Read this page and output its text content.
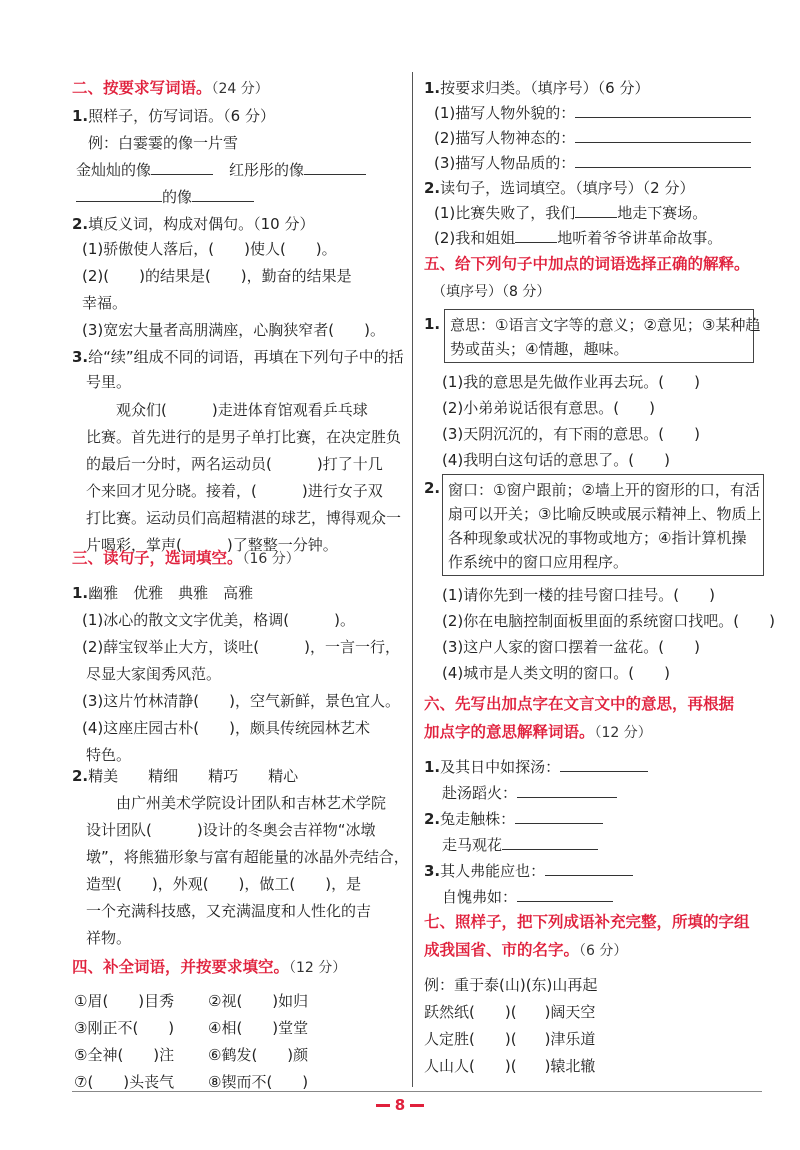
二、按要求写词语。（24 分）
1.照样子，仿写词语。（6 分）
例：白霎霎的像一片雪
金灿灿的像	红彤彤的像
的像
2.填反义词，构成对偶句。（10 分）
(1)骄傲使人落后，(　　)使人(　　)。
(2)(　　)的结果是(　　)，勤奋的结果是
幸福。
(3)宽宏大量者高朋满座，心胸狭窄者(　　)。
3.给“续”组成不同的词语，再填在下列句子中的括
号里。
观众们(　　　)走进体育馆观看乒乓球
比赛。首先进行的是男子单打比赛，在决定胜负
的最后一分时，两名运动员(　　　)打了十几
个来回才见分晓。接着，(　　　)进行女子双
打比赛。运动员们高超精湛的球艺，博得观众一
片喝彩，掌声(　　　)了整整一分钟。
三、读句子，选词填空。（16 分）
1.幽雅　优雅　典雅　高雅
(1)冰心的散文文字优美，格调(　　　)。
(2)薛宝钗举止大方，谈吐(　　　)，一言一行，
尽显大家闺秀风范。
(3)这片竹林清静(　　)，空气新鲜，景色宜人。
(4)这座庄园古朴(　　)，颇具传统园林艺术
特色。
2.精美　　精细　　精巧　　精心
由广州美术学院设计团队和吉林艺术学院
设计团队(　　　)设计的冬奥会吉祥物“冰墩
墩”，将熊猫形象与富有超能量的冰晶外壳结合，
造型(　　)，外观(　　)，做工(　　)，是
一个充满科技感，又充满温度和人性化的吉
祥物。
四、补全词语，并按要求填空。（12 分）
①眉(　　)目秀 ②视(　　)如归
③刚正不(　　) ④相(　　)堂堂
⑤全神(　　)注 ⑥鹤发(　　)颜
⑦(　　)头丧气 ⑧锲而不(　　)
1.按要求归类。（填序号）（6 分）
(1)描写人物外貌的：
(2)描写人物神态的：
(3)描写人物品质的：
2.读句子，选词填空。（填序号）（2 分）
(1)比赛失败了，我们	地走下赛场。
(2)我和姐姐	地听着爷爷讲革命故事。
五、给下列句子中加点的词语选择正确的解释。
（填序号）（8 分）
1. 意思：①语言文字等的意义；②意见；③某种趋
势或苗头；④情趣，趣味。
(1)我的意思是先做作业再去玩。(　　)
(2)小弟弟说话很有意思。(　　)
(3)天阴沉沉的，有下雨的意思。(　　)
(4)我明白这句话的意思了。(　　)
2. 窗口：①窗户跟前；②墙上开的窗形的口，有活
扇可以开关；③比喻反映或展示精神上、物质上
各种现象或状况的事物或地方；④指计算机操
作系统中的窗口应用程序。
(1)请你先到一楼的挂号窗口挂号。(　　)
(2)你在电脑控制面板里面的系统窗口找吧。(　　)
(3)这户人家的窗口摆着一盆花。(　　)
(4)城市是人类文明的窗口。(　　)
六、先写出加点字在文言文中的意思，再根据
加点字的意思解释词语。（12 分）
1.及其日中如探汤：
赴汤蹈火：
2.兔走触株：
走马观花
3.其人弗能应也：
自愧弗如：
七、照样子，把下列成语补充完整，所填的字组
成我国省、市的名字。（6 分）
例：重于泰(山)(东)山再起
跃然纸(　　)( )阔天空
人定胜(　　)( )津乐道
人山人(　　)( )辕北辙
8
